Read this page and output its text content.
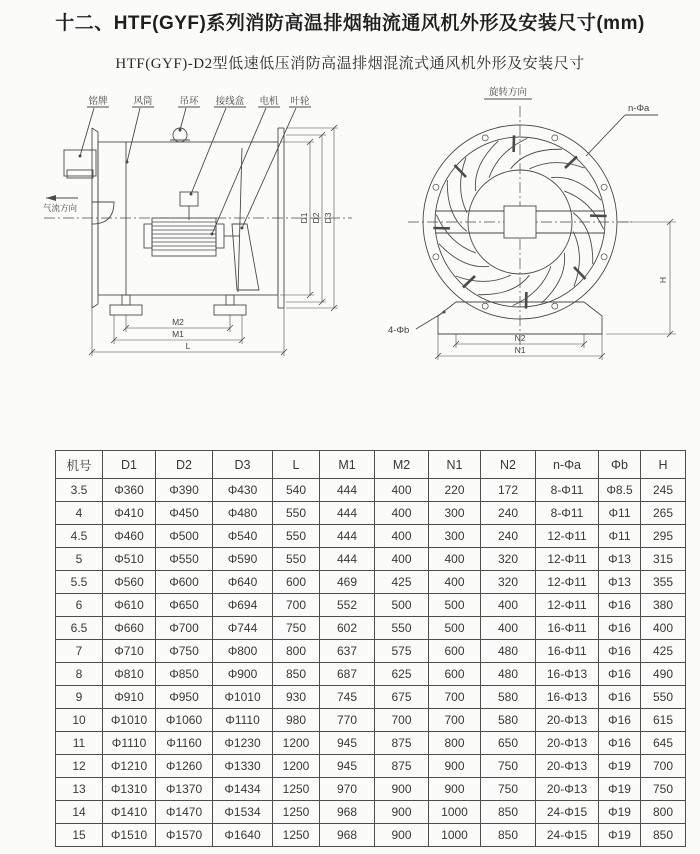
十二、HTF(GYF)系列消防高温排烟轴流通风机外形及安装尺寸(mm)
HTF(GYF)-D2型低速低压消防高温排烟混流式通风机外形及安装尺寸
铭牌	风筒	吊环 接线盒 电机 叶轮
气流方向
D1 D2 D3
M2
M1
L
旋转方向
n-Φa
4-Φb
H
N2
N1
机号	D1	D2	D3	L	M1	M2	N1	N2	n-Φa	Φb	H
3.5	Φ360	Φ390	Φ430	540	444	400	220	172	8-Φ11	Φ8.5	245
4	Φ410	Φ450	Φ480	550	444	400	300	240	8-Φ11	Φ11	265
4.5	Φ460	Φ500	Φ540	550	444	400	300	240	12-Φ11	Φ11	295
5	Φ510	Φ550	Φ590	550	444	400	400	320	12-Φ11	Φ13	315
5.5	Φ560	Φ600	Φ640	600	469	425	400	320	12-Φ11	Φ13	355
6	Φ610	Φ650	Φ694	700	552	500	500	400	12-Φ11	Φ16	380
6.5	Φ660	Φ700	Φ744	750	602	550	500	400	16-Φ11	Φ16	400
7	Φ710	Φ750	Φ800	800	637	575	600	480	16-Φ11	Φ16	425
8	Φ810	Φ850	Φ900	850	687	625	600	480	16-Φ13	Φ16	490
9	Φ910	Φ950	Φ1010	930	745	675	700	580	16-Φ13	Φ16	550
10	Φ1010	Φ1060	Φ1110	980	770	700	700	580	20-Φ13	Φ16	615
11	Φ1110	Φ1160	Φ1230	1200	945	875	800	650	20-Φ13	Φ16	645
12	Φ1210	Φ1260	Φ1330	1200	945	875	900	750	20-Φ13	Φ19	700
13	Φ1310	Φ1370	Φ1434	1250	970	900	900	750	20-Φ13	Φ19	750
14	Φ1410	Φ1470	Φ1534	1250	968	900	1000	850	24-Φ15	Φ19	800
15	Φ1510	Φ1570	Φ1640	1250	968	900	1000	850	24-Φ15	Φ19	850
